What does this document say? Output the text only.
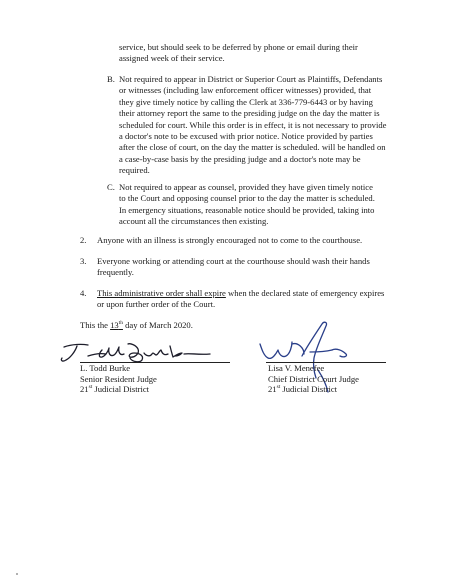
service, but should seek to be deferred by phone or email during their assigned week of their service.

B. Not required to appear in District or Superior Court as Plaintiffs, Defendants or witnesses (including law enforcement officer witnesses) provided, that they give timely notice by calling the Clerk at 336-779-6443 or by having their attorney report the same to the presiding judge on the day the matter is scheduled for court. While this order is in effect, it is not necessary to provide a doctor's note to be excused with prior notice. Notice provided by parties after the close of court, on the day the matter is scheduled. will be handled on a case-by-case basis by the presiding judge and a doctor's note may be required.

C. Not required to appear as counsel, provided they have given timely notice to the Court and opposing counsel prior to the day the matter is scheduled. In emergency situations, reasonable notice should be provided, taking into account all the circumstances then existing.

2. Anyone with an illness is strongly encouraged not to come to the courthouse.

3. Everyone working or attending court at the courthouse should wash their hands frequently.

4. This administrative order shall expire when the declared state of emergency expires or upon further order of the Court.

This the 13th day of March 2020.

L. Todd Burke
Senior Resident Judge
21st Judicial District
Lisa V. Menefee
Chief District Court Judge
21st Judicial District
